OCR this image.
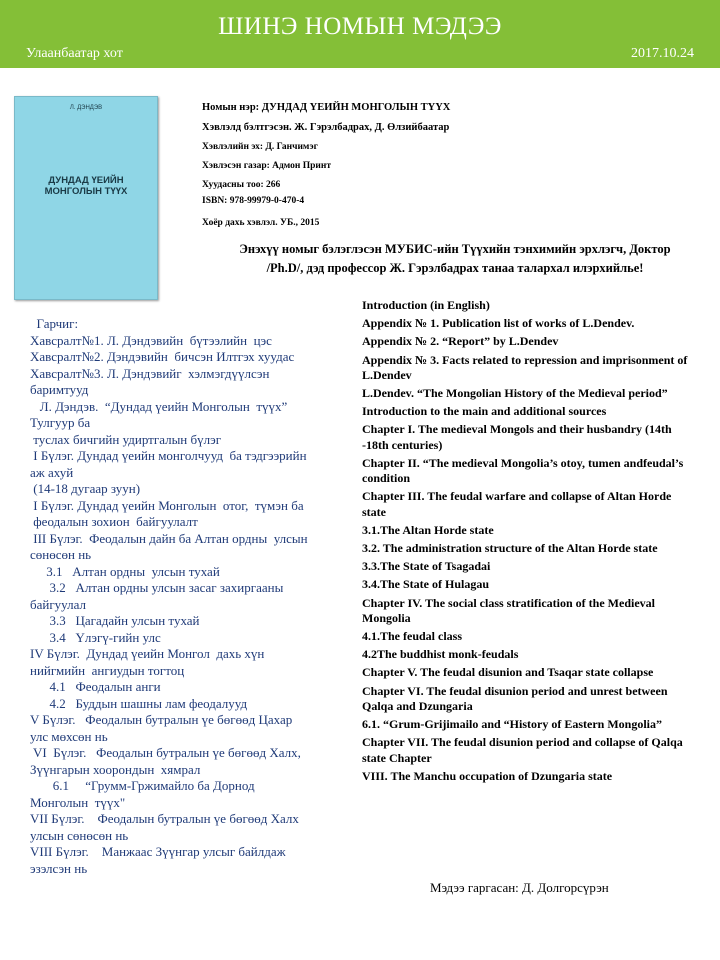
ШИНЭ НОМЫН МЭДЭЭ
Улаанбаатар хот	2017.10.24
Л. ДЭНДЭВ
ДУНДАД ҮЕИЙН МОНГОЛЫН ТҮҮХ
Номын нэр: ДУНДАД ҮЕИЙН МОНГОЛЫН ТҮҮХ
Хэвлэлд бэлтгэсэн. Ж. Гэрэлбадрах, Д. Өлзийбаатар
Хэвлэлийн эх: Д. Ганчимэг
Хэвлэсэн газар: Адмон Принт
Хуудасны тоо: 266
ISBN: 978-99979-0-470-4
Хоёр дахь хэвлэл. УБ., 2015
Энэхүү номыг бэлэглэсэн МУБИС-ийн Түүхийн тэнхимийн эрхлэгч, Доктор
/Ph.D/, дэд профессор Ж. Гэрэлбадрах танаа талархал илэрхийлье!
Гарчиг:
Хавсралт№1. Л. Дэндэвийн  бүтээлийн  цэс
Хавсралт№2. Дэндэвийн  бичсэн Илтгэх хуудас
Хавсралт№3. Л. Дэндэвийг  хэлмэгдүүлсэн
баримтууд
Л. Дэндэв.  “Дундад үеийн Монголын  түүх”
Тулгуур ба
туслах бичгийн удиртгалын бүлэг
I Бүлэг. Дундад үеийн монголчууд  ба тэдгээрийн
аж ахуй
(14-18 дугаар зуун)
I Бүлэг. Дундад үеийн Монголын  отог,  түмэн ба
феодалын зохион  байгуулалт
III Бүлэг.  Феодалын дайн ба Алтан ордны  улсын
сөнөсөн нь
3.1   Алтан ордны  улсын тухай
3.2   Алтан ордны улсын засаг захиргааны
байгуулал
3.3   Цагадайн улсын тухай
3.4   Үлэгү-гийн улс
IV Бүлэг.  Дундад үеийн Монгол  дахь хүн
нийгмийн  ангиудын тогтоц
4.1   Феодалын анги
4.2   Буддын шашны лам феодалууд
V Бүлэг.   Феодалын бутралын үе бөгөөд Цахар
улс мөхсөн нь
VI  Бүлэг.   Феодалын бутралын үе бөгөөд Халх,
Зүүнгарын хоорондын  хямрал
6.1     “Грумм-Гржимайло ба Дорнод
Монголын  түүх"
VII Бүлэг.    Феодалын бутралын үе бөгөөд Халх
улсын сөнөсөн нь
VIII Бүлэг.    Манжаас Зүүнгар улсыг байлдаж
эзэлсэн нь
Introduction (in English)
Appendix № 1. Publication list of works of L.Dendev.
Appendix № 2. “Report” by L.Dendev
Appendix № 3. Facts related to repression and imprisonment of L.Dendev
L.Dendev. “The Mongolian History of the Medieval period”
Introduction to the main and additional sources
Chapter I. The medieval Mongols and their husbandry (14th -18th centuries)
Chapter II. “The medieval Mongolia’s otoy, tumen andfeudal’s condition
Chapter III. The feudal warfare and collapse of Altan Horde state
3.1.The Altan Horde state
3.2. The administration structure of the Altan Horde state
3.3.The State of Tsagadai
3.4.The State of Hulagau
Chapter IV. The social class stratification of the Medieval Mongolia
4.1.The feudal class
4.2The buddhist monk-feudals
Chapter V. The feudal disunion and Tsaqar state collapse
Chapter VI. The feudal disunion period and unrest between Qalqa and Dzungaria
6.1. “Grum-Grijimailo and “History of Eastern Mongolia”
Chapter VII. The feudal disunion period and collapse of Qalqa state Chapter
VIII. The Manchu occupation of Dzungaria state
Мэдээ гаргасан: Д. Долгорсүрэн
